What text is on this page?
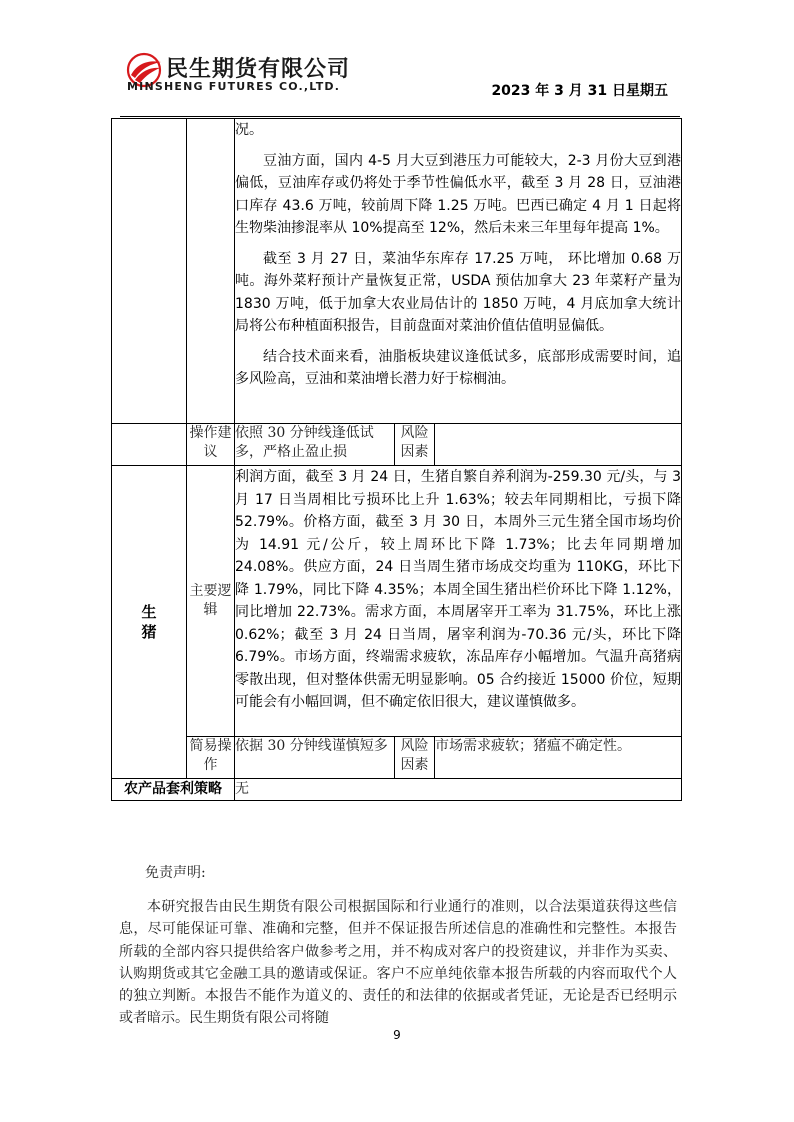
民生期货有限公司
MINSHENG FUTURES CO.,LTD.	2023 年 3 月 31 日星期五

		况。

豆油方面，国内 4-5 月大豆到港压力可能较大，2-3 月份大豆到港偏低，豆油库存或仍将处于季节性偏低水平，截至 3 月 28 日，豆油港口库存 43.6 万吨，较前周下降 1.25 万吨。巴西已确定 4 月 1 日起将生物柴油掺混率从 10%提高至 12%，然后未来三年里每年提高 1%。

截至 3 月 27 日，菜油华东库存 17.25 万吨， 环比增加 0.68 万吨。海外菜籽预计产量恢复正常，USDA 预估加拿大 23 年菜籽产量为 1830 万吨，低于加拿大农业局估计的 1850 万吨，4 月底加拿大统计局将公布种植面积报告，目前盘面对菜油价值估值明显偏低。

结合技术面来看，油脂板块建议逢低试多，底部形成需要时间，追多风险高，豆油和菜油增长潜力好于棕榈油。		

	操作建议	依照 30 分钟线逢低试多，严格止盈止损	风险因素	
生猪	主要逻辑	利润方面，截至 3 月 24 日，生猪自繁自养利润为-259.30 元/头，与 3 月 17 日当周相比亏损环比上升 1.63%；较去年同期相比，亏损下降 52.79%。价格方面，截至 3 月 30 日，本周外三元生猪全国市场均价为 14.91 元/公斤，较上周环比下降 1.73%；比去年同期增加 24.08%。供应方面，24 日当周生猪市场成交均重为 110KG，环比下降 1.79%，同比下降 4.35%；本周全国生猪出栏价环比下降 1.12%， 同比增加 22.73%。需求方面，本周屠宰开工率为 31.75%，环比上涨 0.62%；截至 3 月 24 日当周，屠宰利润为-70.36 元/头，环比下降 6.79%。市场方面，终端需求疲软，冻品库存小幅增加。气温升高猪病零散出现，但对整体供需无明显影响。05 合约接近 15000 价位，短期可能会有小幅回调，但不确定依旧很大，建议谨慎做多。		
	简易操作	依据 30 分钟线谨慎短多	风险因素	市场需求疲软；猪瘟不确定性。
农产品套利策略		无		

免责声明:

本研究报告由民生期货有限公司根据国际和行业通行的准则，以合法渠道获得这些信息，尽可能保证可靠、准确和完整，但并不保证报告所述信息的准确性和完整性。本报告所载的全部内容只提供给客户做参考之用，并不构成对客户的投资建议，并非作为买卖、认购期货或其它金融工具的邀请或保证。客户不应单纯依靠本报告所载的内容而取代个人的独立判断。本报告不能作为道义的、责任的和法律的依据或者凭证，无论是否已经明示或者暗示。民生期货有限公司将随

9
